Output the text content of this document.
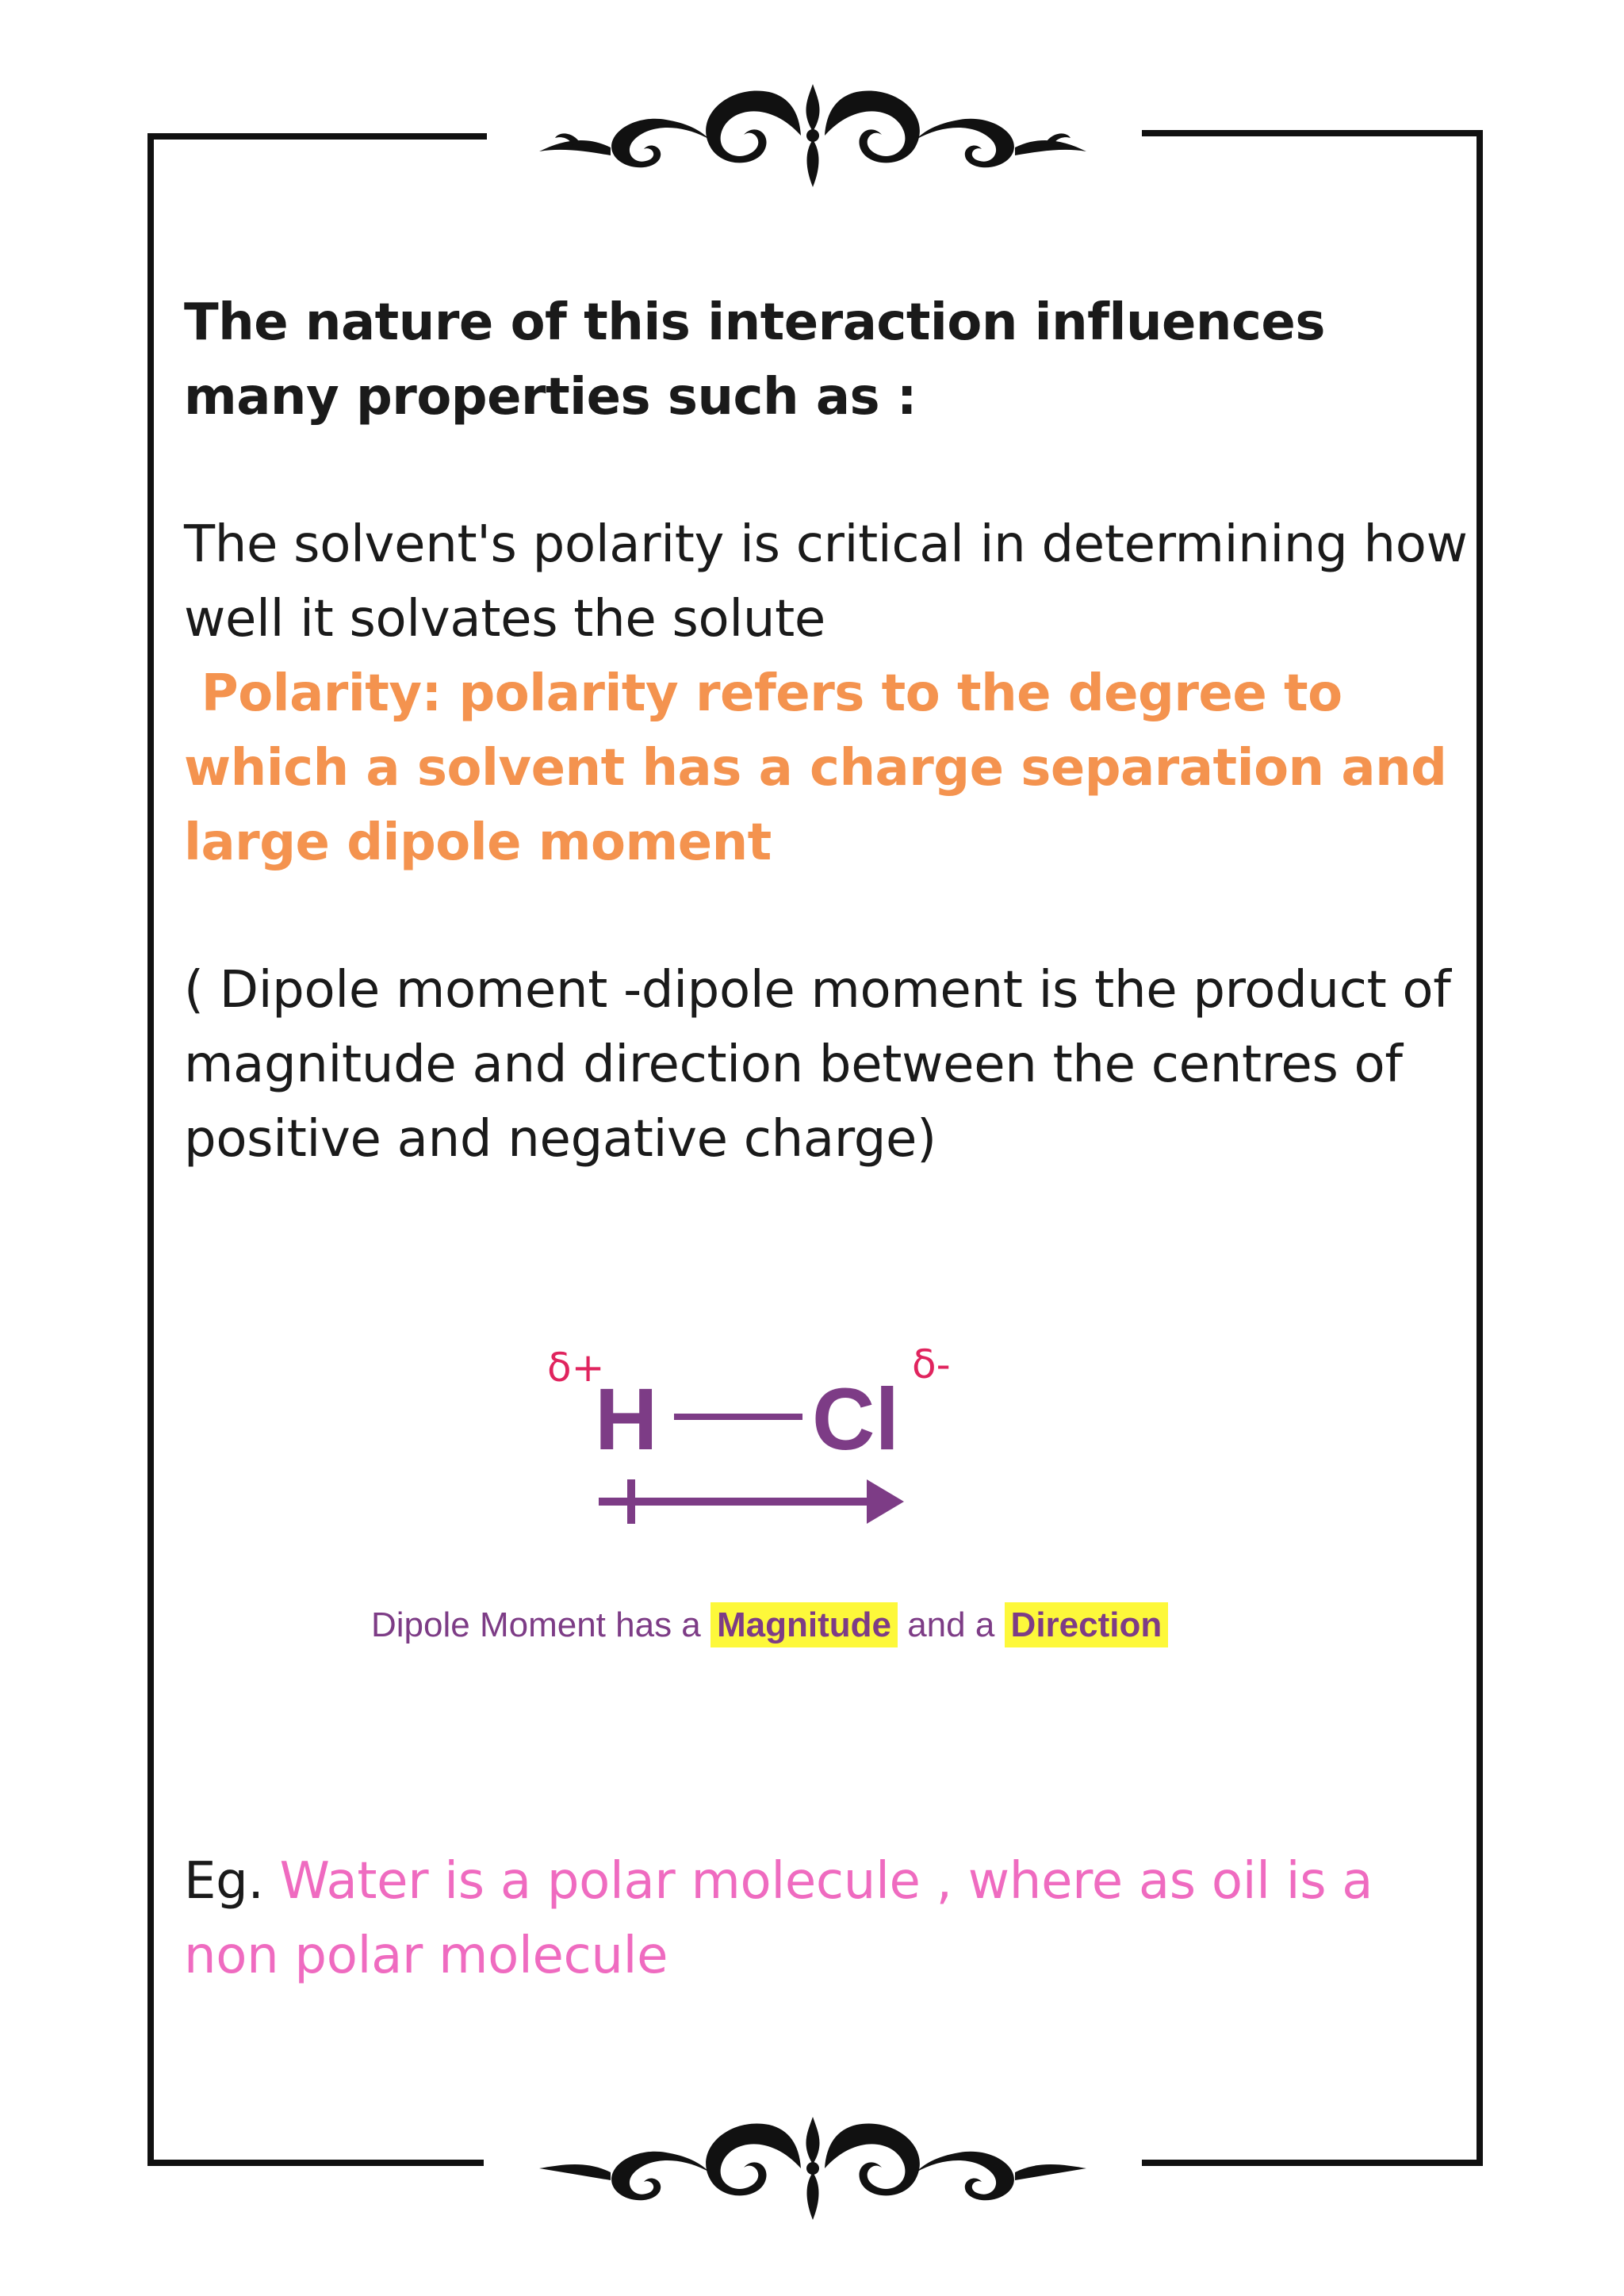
The nature of this interaction influences many properties such as :
The solvent's polarity is critical in determining how well it solvates the solute
Polarity: polarity refers to the degree to which a solvent has a charge separation and large dipole moment
( Dipole moment -dipole moment is the product of magnitude and direction between the centres of positive and negative charge)
δ+
H Cl
δ-
Dipole Moment has a Magnitude and a Direction
Eg. Water is a polar molecule , where as oil is a non polar molecule
